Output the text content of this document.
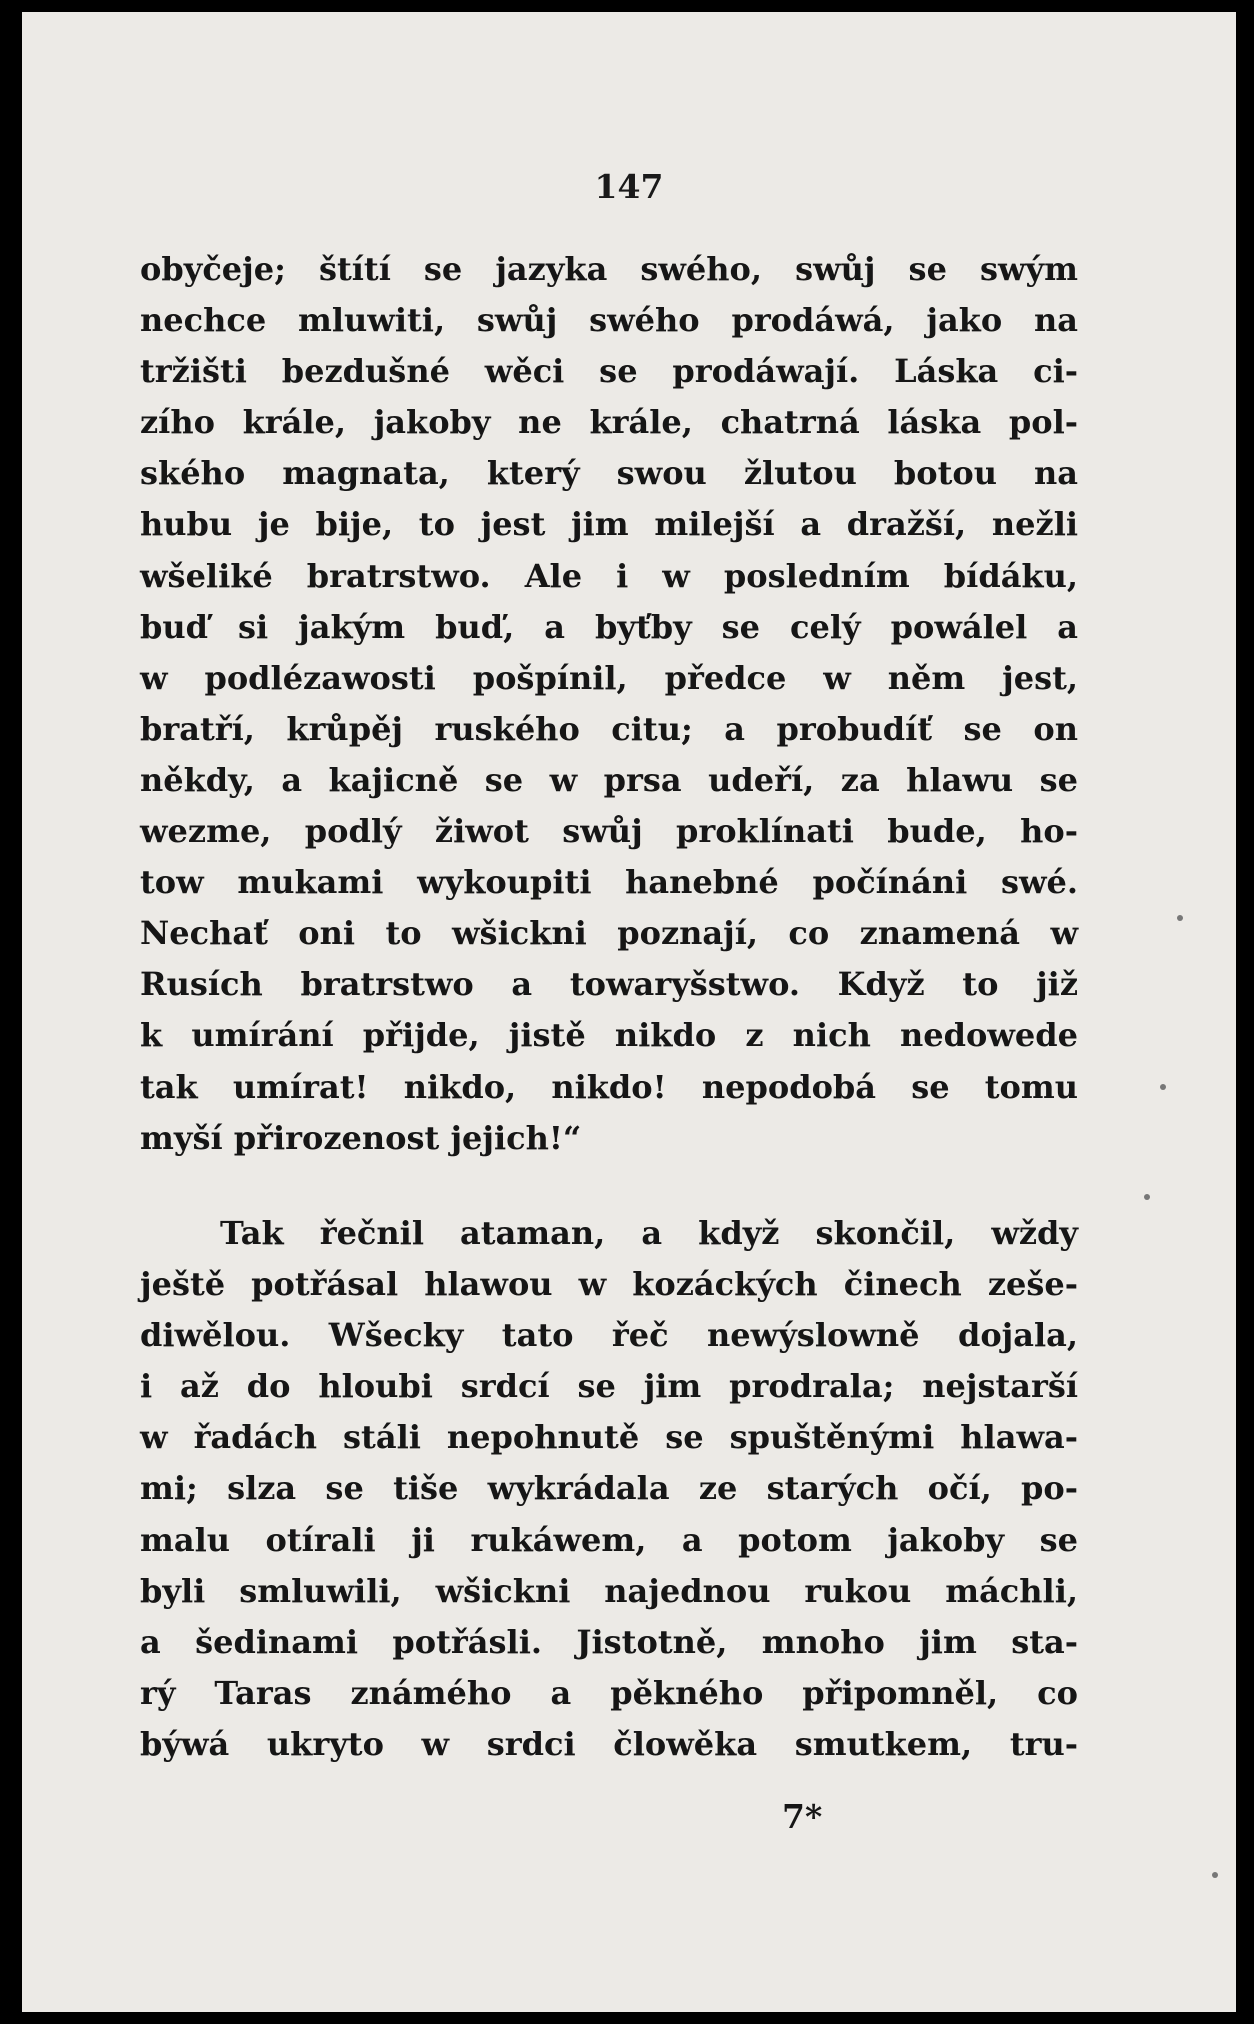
147
obyčeje; štítí se jazyka swého, swůj se swým
nechce mluwiti, swůj swého prodáwá, jako na
tržišti bezdušné wěci se prodáwají. Láska ci-
zího krále, jakoby ne krále, chatrná láska pol-
ského magnata, který swou žlutou botou na
hubu je bije, to jest jim milejší a dražší, nežli
wšeliké bratrstwo. Ale i w posledním bídáku,
buď si jakým buď, a byťby se celý powálel a
w podlézawosti pošpínil, předce w něm jest,
bratří, krůpěj ruského citu; a probudíť se on
někdy, a kajicně se w prsa udeří, za hlawu se
wezme, podlý žiwot swůj proklínati bude, ho-
tow mukami wykoupiti hanebné počínáni swé.
Nechať oni to wšickni poznají, co znamená w
Rusích bratrstwo a towaryšstwo. Když to již
k umírání přijde, jistě nikdo z nich nedowede
tak umírat! nikdo, nikdo! nepodobá se tomu
myší přirozenost jejich!“
Tak řečnil ataman, a když skončil, wždy
ještě potřásal hlawou w kozáckých činech zeše-
diwělou. Wšecky tato řeč newýslowně dojala,
i až do hloubi srdcí se jim prodrala; nejstarší
w řadách stáli nepohnutě se spuštěnými hlawa-
mi; slza se tiše wykrádala ze starých očí, po-
malu otírali ji rukáwem, a potom jakoby se
byli smluwili, wšickni najednou rukou máchli,
a šedinami potřásli. Jistotně, mnoho jim sta-
rý Taras známého a pěkného připomněl, co
býwá ukryto w srdci člowěka smutkem, tru-
7*
